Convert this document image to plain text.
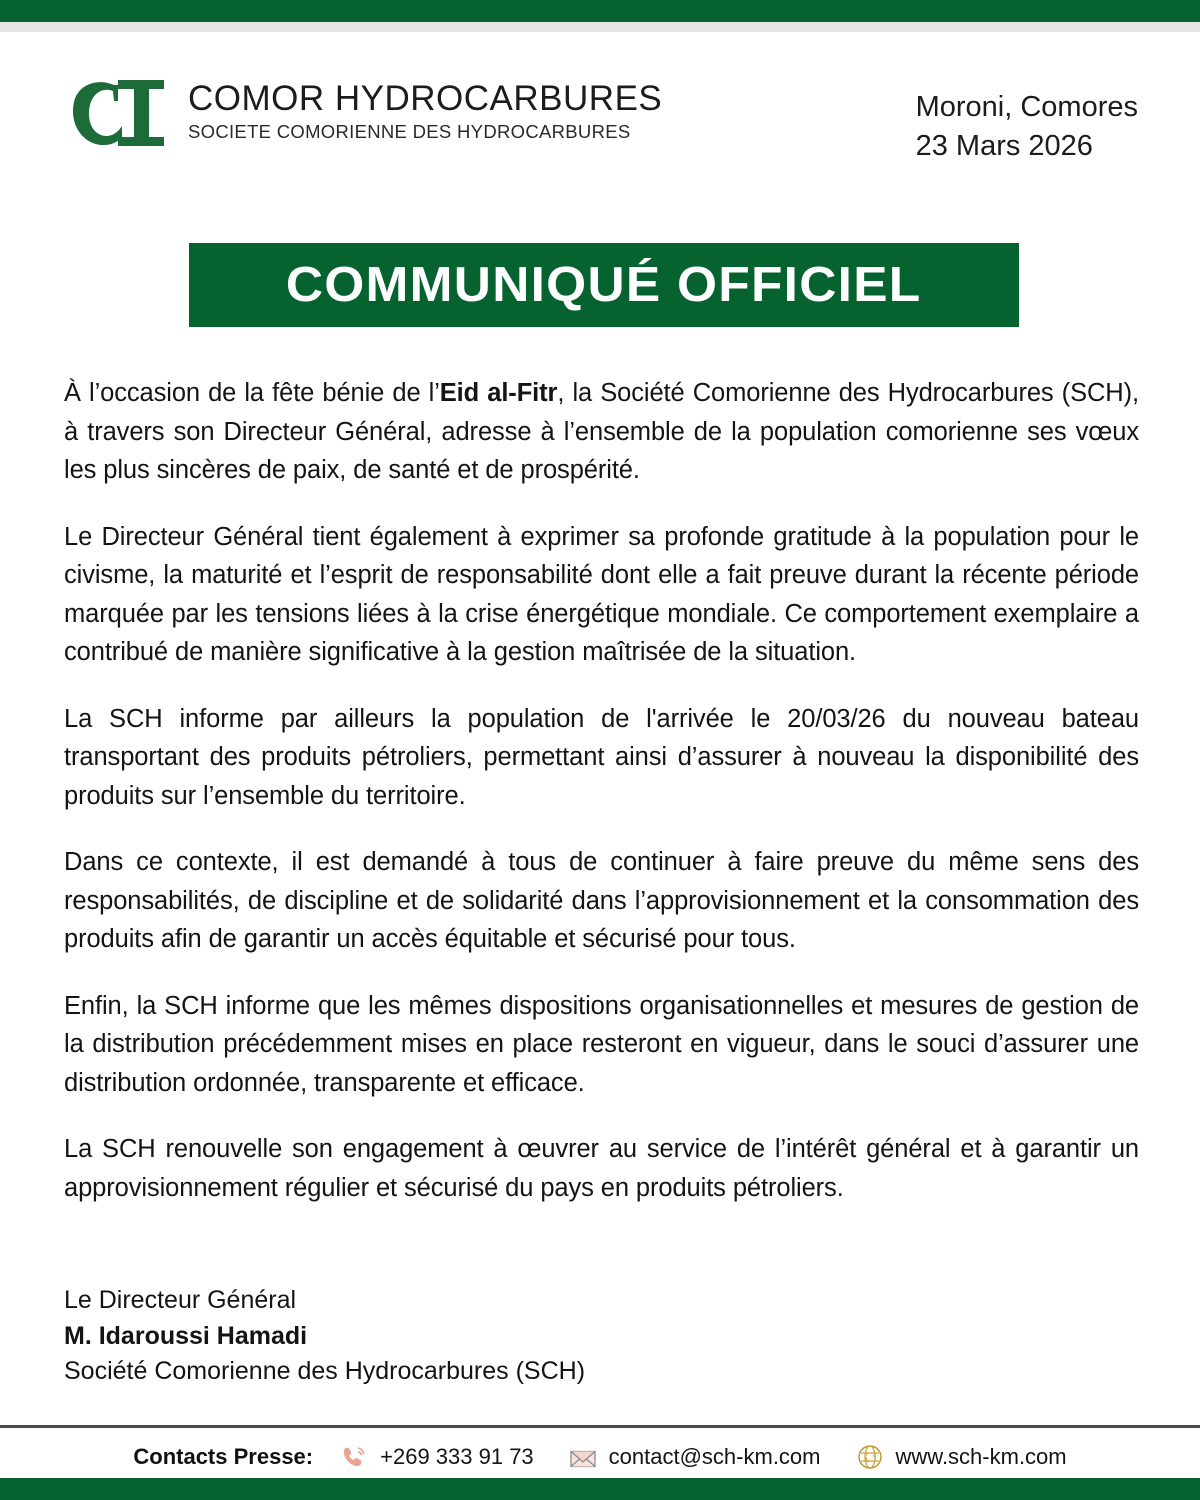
COMOR HYDROCARBURES
SOCIETE COMORIENNE DES HYDROCARBURES
Moroni, Comores
23 Mars 2026
COMMUNIQUÉ OFFICIEL
À l’occasion de la fête bénie de l’Eid al-Fitr, la Société Comorienne des Hydrocarbures (SCH), à travers son Directeur Général, adresse à l’ensemble de la population comorienne ses vœux les plus sincères de paix, de santé et de prospérité.
Le Directeur Général tient également à exprimer sa profonde gratitude à la population pour le civisme, la maturité et l’esprit de responsabilité dont elle a fait preuve durant la récente période marquée par les tensions liées à la crise énergétique mondiale. Ce comportement exemplaire a contribué de manière significative à la gestion maîtrisée de la situation.
La SCH informe par ailleurs la population de l'arrivée le 20/03/26 du nouveau bateau transportant des produits pétroliers, permettant ainsi d’assurer à nouveau la disponibilité des produits sur l’ensemble du territoire.
Dans ce contexte, il est demandé à tous de continuer à faire preuve du même sens des responsabilités, de discipline et de solidarité dans l’approvisionnement et la consommation des produits afin de garantir un accès équitable et sécurisé pour tous.
Enfin, la SCH informe que les mêmes dispositions organisationnelles et mesures de gestion de la distribution précédemment mises en place resteront en vigueur, dans le souci d’assurer une distribution ordonnée, transparente et efficace.
La SCH renouvelle son engagement à œuvrer au service de l’intérêt général et à garantir un approvisionnement régulier et sécurisé du pays en produits pétroliers.
Le Directeur Général
M. Idaroussi Hamadi
Société Comorienne des Hydrocarbures (SCH)
Contacts Presse:	+269 333 91 73	contact@sch-km.com	www.sch-km.com
